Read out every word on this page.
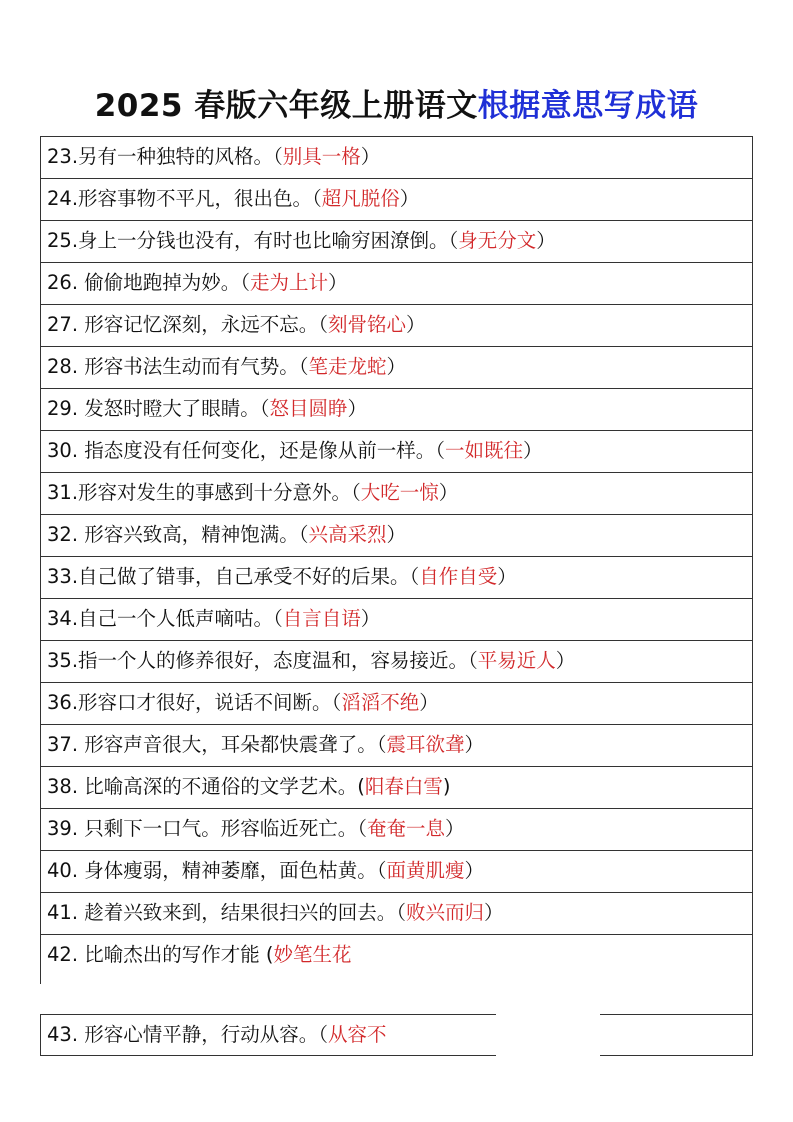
2025 春版六年级上册语文根据意思写成语
23.另有一种独特的风格。（别具一格）
24.形容事物不平凡，很出色。（超凡脱俗）
25.身上一分钱也没有，有时也比喻穷困潦倒。（身无分文）
26. 偷偷地跑掉为妙。（走为上计）
27. 形容记忆深刻，永远不忘。（刻骨铭心）
28. 形容书法生动而有气势。（笔走龙蛇）
29. 发怒时瞪大了眼睛。（怒目圆睁）
30. 指态度没有任何变化，还是像从前一样。（一如既往）
31.形容对发生的事感到十分意外。（大吃一惊）
32. 形容兴致高，精神饱满。（兴高采烈）
33.自己做了错事，自己承受不好的后果。（自作自受）
34.自己一个人低声嘀咕。（自言自语）
35.指一个人的修养很好，态度温和，容易接近。（平易近人）
36.形容口才很好，说话不间断。（滔滔不绝）
37. 形容声音很大，耳朵都快震聋了。（震耳欲聋）
38. 比喻高深的不通俗的文学艺术。(阳春白雪)
39. 只剩下一口气。形容临近死亡。（奄奄一息）
40. 身体瘦弱，精神萎靡，面色枯黄。（面黄肌瘦）
41. 趁着兴致来到，结果很扫兴的回去。（败兴而归）
42. 比喻杰出的写作才能 (妙笔生花
43. 形容心情平静，行动从容。（从容不
